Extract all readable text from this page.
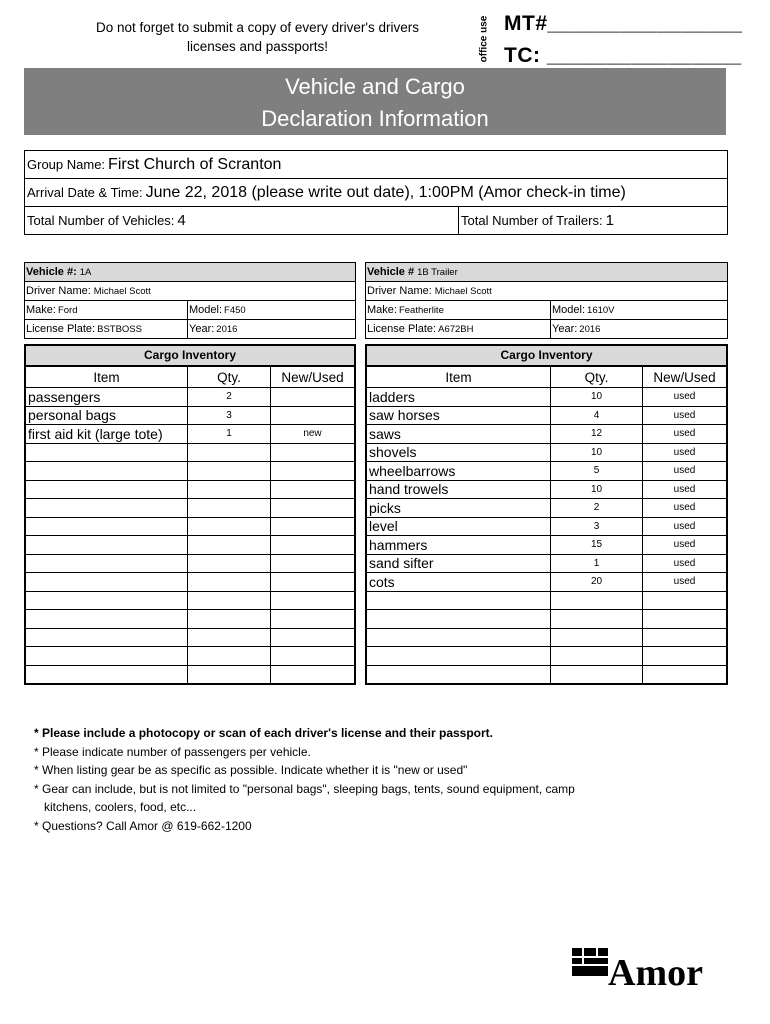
Do not forget to submit a copy of every driver's drivers licenses and passports!	office use MT#________________
TC: ________________
Vehicle and Cargo
Declaration Information
Group Name: First Church of Scranton
Arrival Date & Time: June 22, 2018 (please write out date), 1:00PM (Amor check-in time)
Total Number of Vehicles: 4	Total Number of Trailers: 1
Vehicle #: 1A
Driver Name: Michael Scott
Make: Ford	Model: F450
License Plate: BSTBOSS	Year: 2016
Vehicle # 1B Trailer
Driver Name: Michael Scott
Make: Featherlite	Model: 1610V
License Plate: A672BH	Year: 2016
Cargo Inventory
Item	Qty.	New/Used
passengers	2	
personal bags	3	
first aid kit (large tote)	1	new

Cargo Inventory
Item	Qty.	New/Used
ladders	10	used
saw horses	4	used
saws	12	used
shovels	10	used
wheelbarrows	5	used
hand trowels	10	used
picks	2	used
level	3	used
hammers	15	used
sand sifter	1	used
cots	20	used

* Please include a photocopy or scan of each driver's license and their passport.
* Please indicate number of passengers per vehicle.
* When listing gear be as specific as possible. Indicate whether it is "new or used"
* Gear can include, but is not limited to "personal bags", sleeping bags, tents, sound equipment, camp
kitchens, coolers, food, etc...
* Questions? Call Amor @ 619-662-1200
Amor
